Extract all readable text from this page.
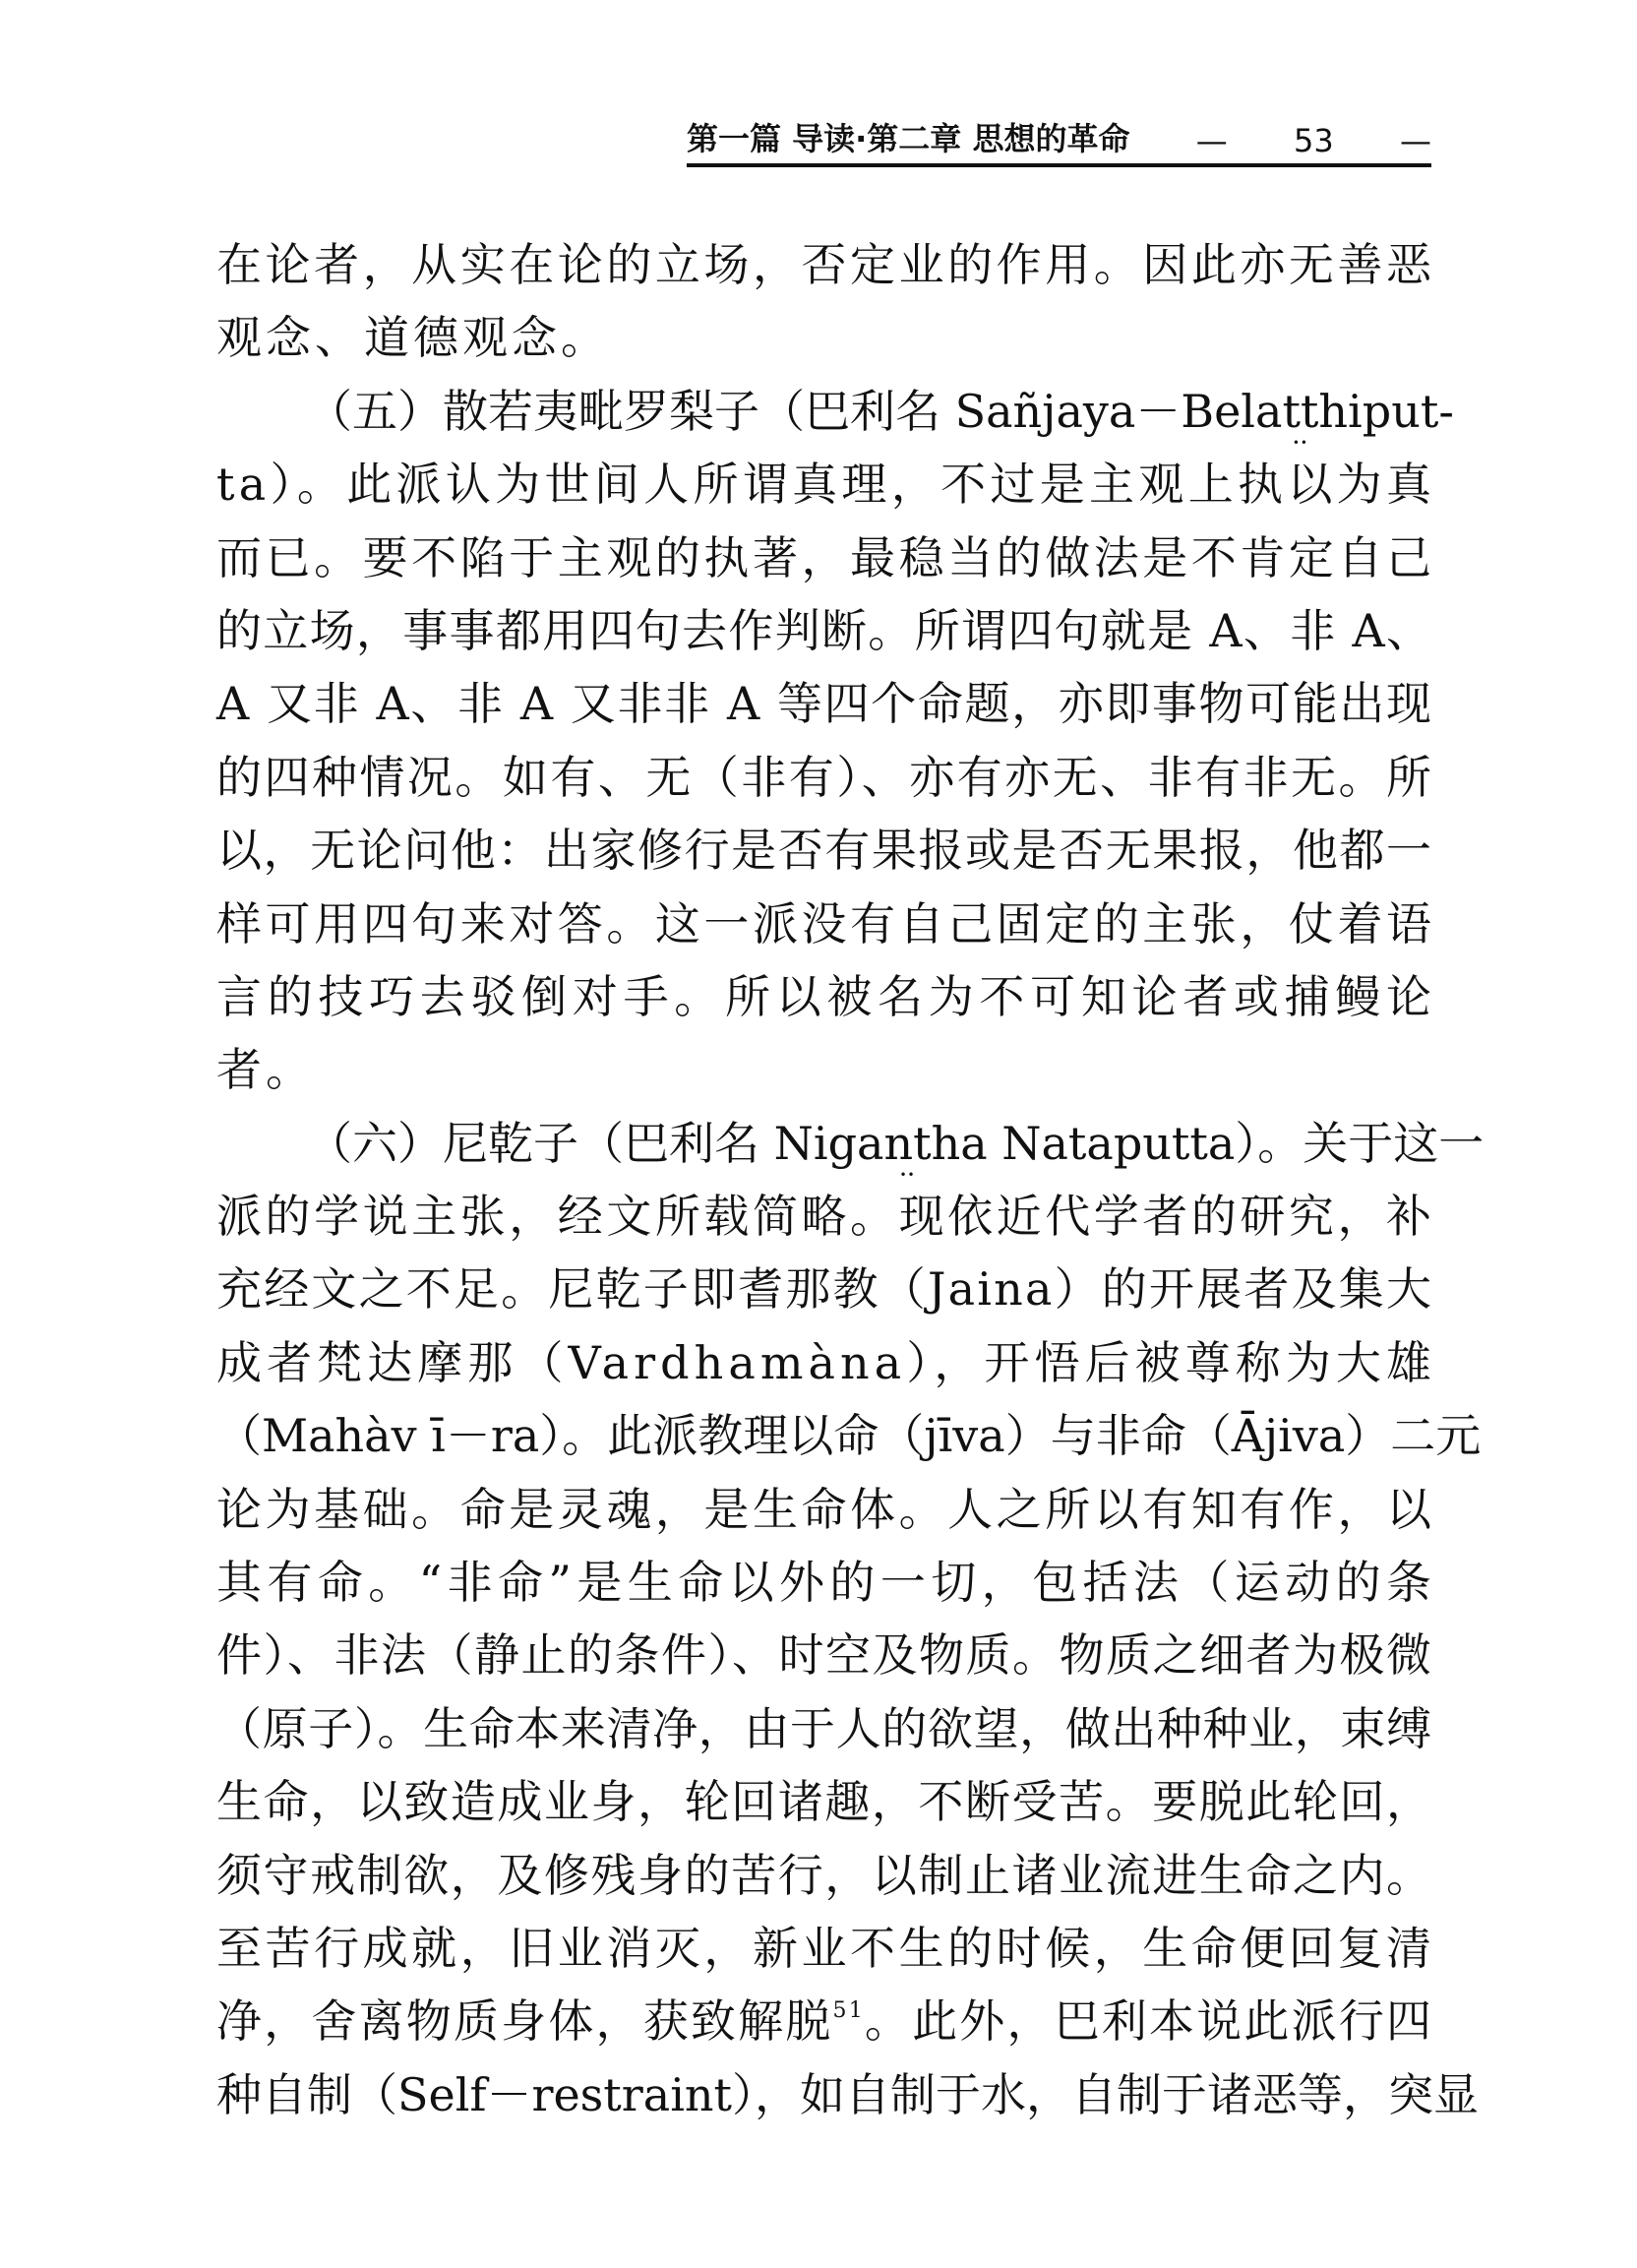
第一篇 导读·第二章 思想的革命 — 53 —
在论者，从实在论的立场，否定业的作用。因此亦无善恶
观念、道德观念。
（五）散若夷毗罗梨子（巴利名 Sañjaya－Belatthiput-
••
ta）。此派认为世间人所谓真理，不过是主观上执以为真
而已。要不陷于主观的执著，最稳当的做法是不肯定自己
的立场，事事都用四句去作判断。所谓四句就是 A、非 A、
A 又非 A、非 A 又非非 A 等四个命题，亦即事物可能出现
的四种情况。如有、无（非有）、亦有亦无、非有非无。所
以，无论问他：出家修行是否有果报或是否无果报，他都一
样可用四句来对答。这一派没有自己固定的主张，仗着语
言的技巧去驳倒对手。所以被名为不可知论者或捕鳗论
者。
（六）尼乾子（巴利名 Nigantha Nataputta）。关于这一
••
派的学说主张，经文所载简略。现依近代学者的研究，补
充经文之不足。尼乾子即耆那教（Jaina）的开展者及集大
成者梵达摩那（Vardhamàna），开悟后被尊称为大雄
（Mahàv ī－ra）。此派教理以命（jīva）与非命（Ājiva）二元
论为基础。命是灵魂，是生命体。人之所以有知有作，以
其有命。“非命”是生命以外的一切，包括法（运动的条
件）、非法（静止的条件）、时空及物质。物质之细者为极微
（原子）。生命本来清净，由于人的欲望，做出种种业，束缚
生命，以致造成业身，轮回诸趣，不断受苦。要脱此轮回，
须守戒制欲，及修残身的苦行，以制止诸业流进生命之内。
至苦行成就，旧业消灭，新业不生的时候，生命便回复清
净，舍离物质身体，获致解脱$^{51}$。此外，巴利本说此派行四
种自制（Self－restraint），如自制于水，自制于诸恶等，突显
